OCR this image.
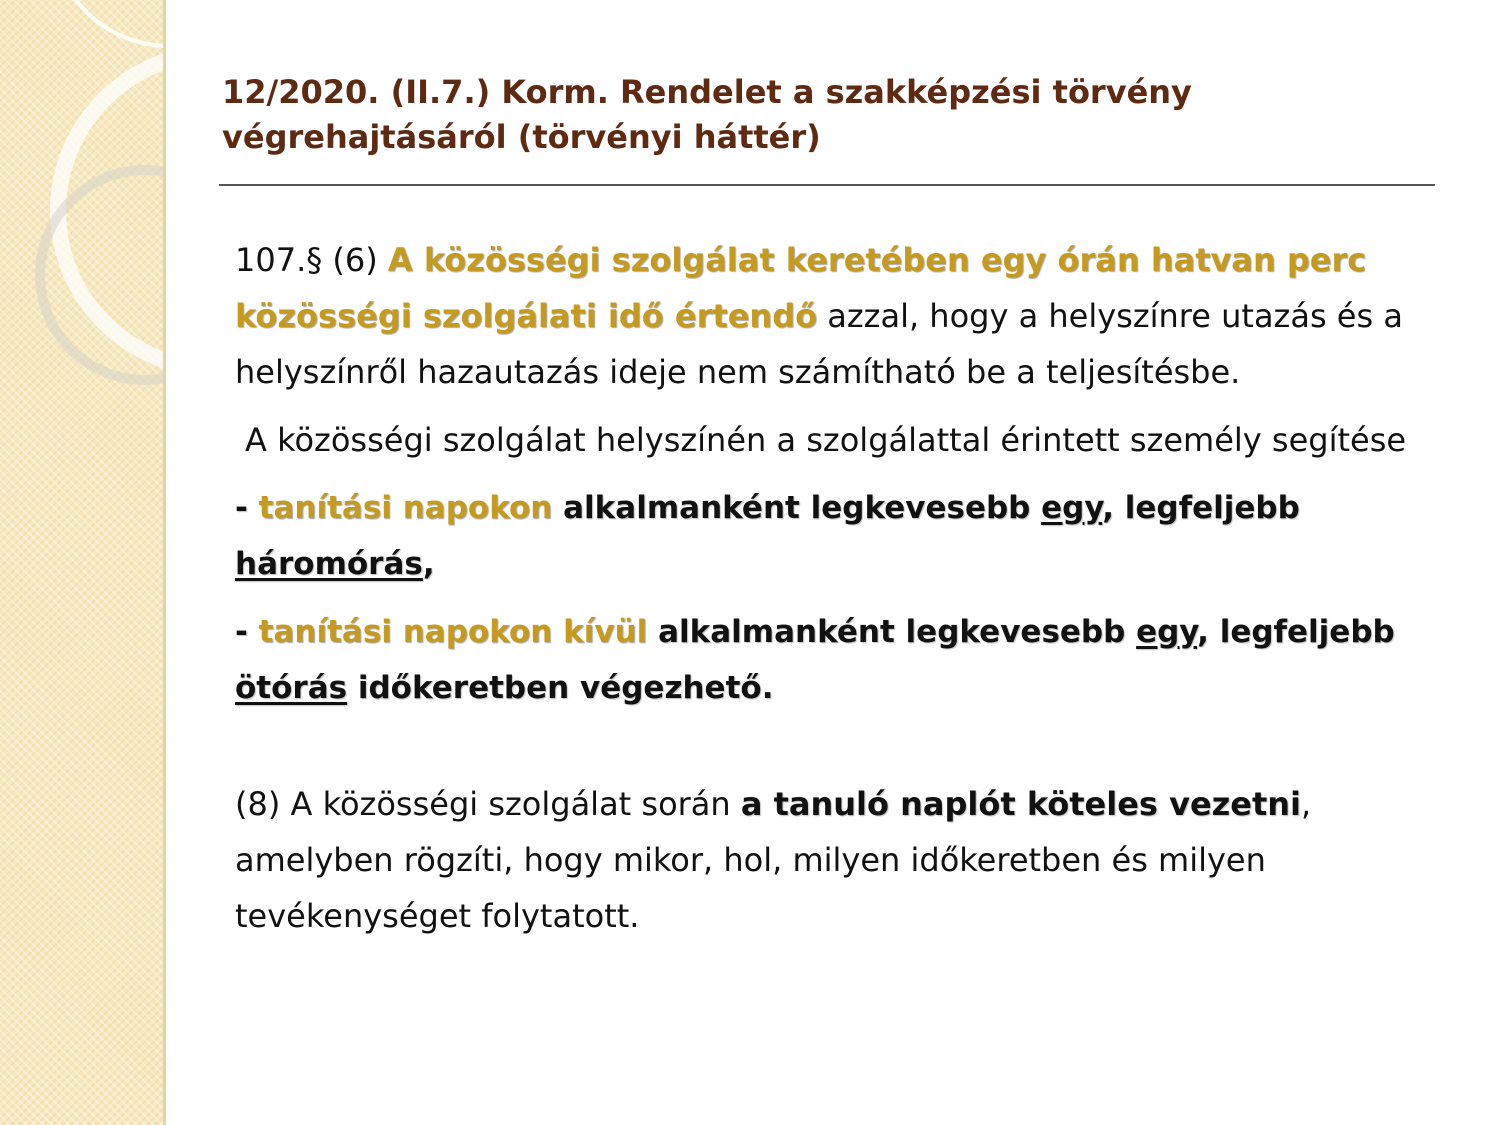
12/2020. (II.7.) Korm. Rendelet a szakképzési törvény
végrehajtásáról (törvényi háttér)

107.§ (6) A közösségi szolgálat keretében egy órán hatvan perc közösségi szolgálati idő értendő azzal, hogy a helyszínre utazás és a helyszínről hazautazás ideje nem számítható be a teljesítésbe.

A közösségi szolgálat helyszínén a szolgálattal érintett személy segítése

- tanítási napokon alkalmanként legkevesebb egy, legfeljebb háromórás,

- tanítási napokon kívül alkalmanként legkevesebb egy, legfeljebb ötórás időkeretben végezhető.

(8) A közösségi szolgálat során a tanuló naplót köteles vezetni, amelyben rögzíti, hogy mikor, hol, milyen időkeretben és milyen tevékenységet folytatott.
